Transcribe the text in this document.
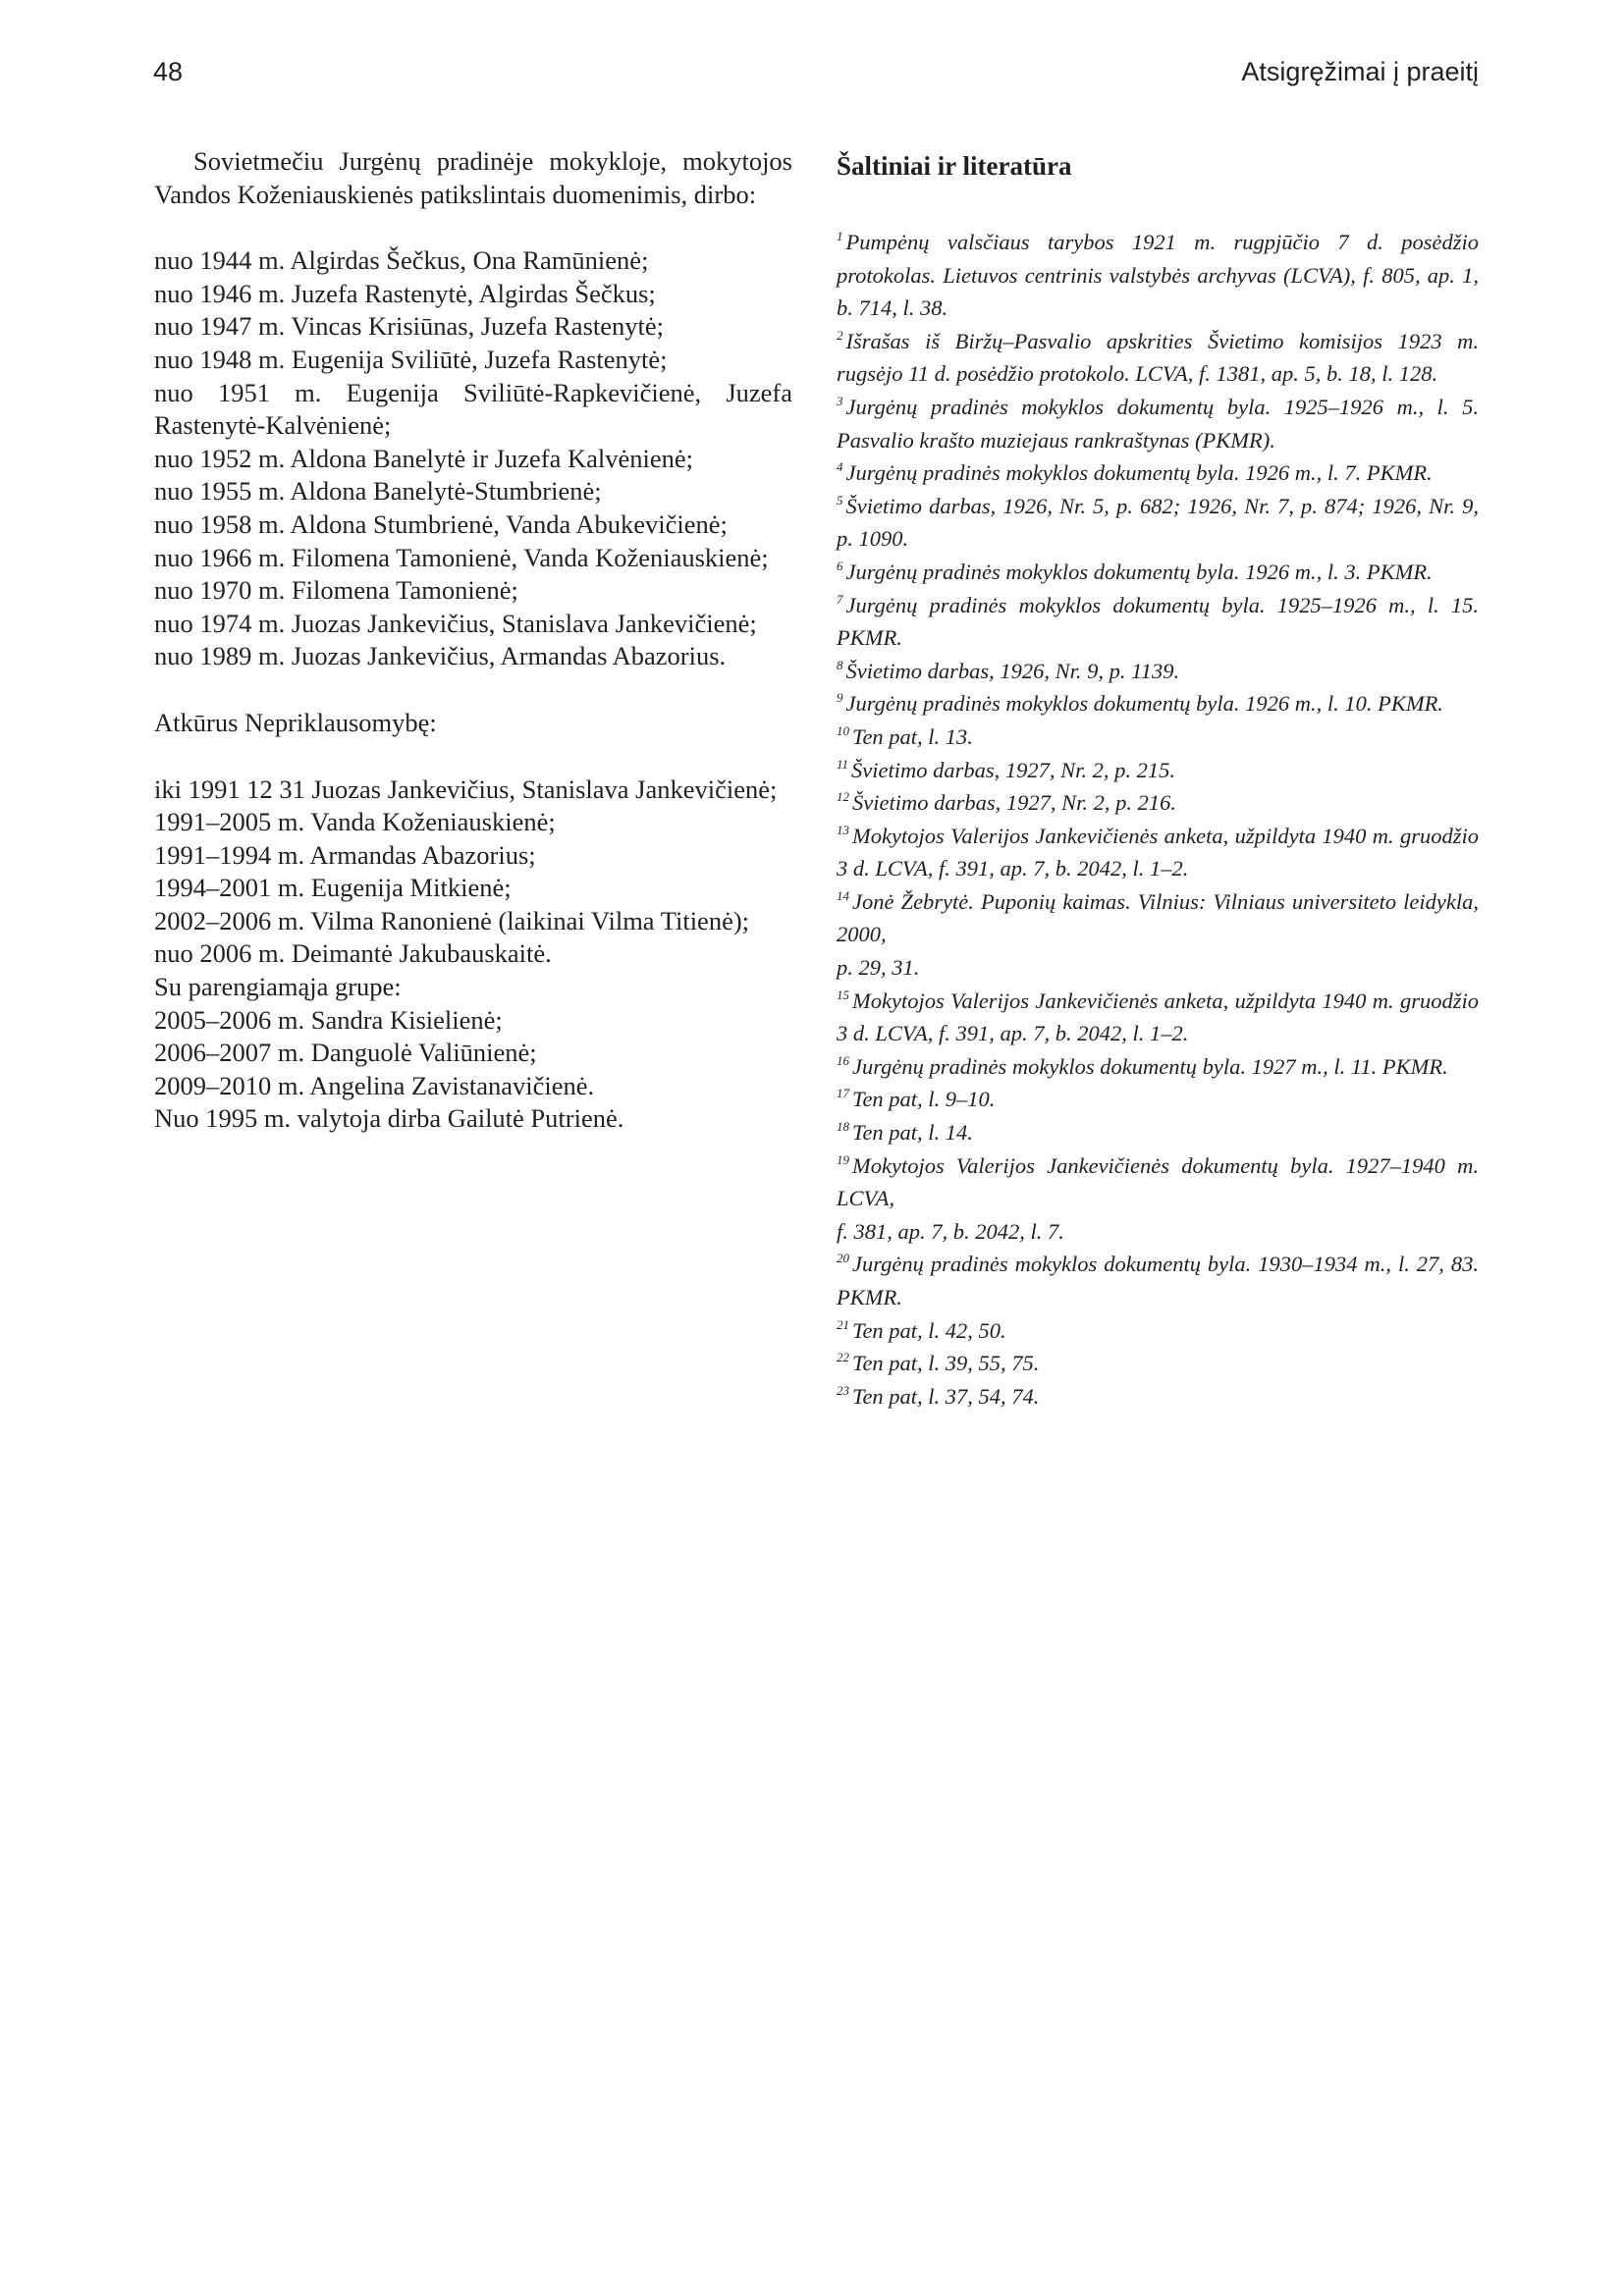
48	Atsigręžimai į praeitį

Sovietmečiu Jurgėnų pradinėje mokykloje, mokytojos Vandos Koženiauskienės patikslintais duomenimis, dirbo:

nuo 1944 m. Algirdas Šečkus, Ona Ramūnienė;

nuo 1946 m. Juzefa Rastenytė, Algirdas Šečkus;

nuo 1947 m. Vincas Krisiūnas, Juzefa Rastenytė;

nuo 1948 m. Eugenija Sviliūtė, Juzefa Rastenytė;

nuo 1951 m. Eugenija Sviliūtė-Rapkevičienė, Juzefa Rastenytė-Kalvėnienė;

nuo 1952 m. Aldona Banelytė ir Juzefa Kalvėnienė;

nuo 1955 m. Aldona Banelytė-Stumbrienė;

nuo 1958 m. Aldona Stumbrienė, Vanda Abukevičienė;

nuo 1966 m. Filomena Tamonienė, Vanda Koženiauskienė;

nuo 1970 m. Filomena Tamonienė;

nuo 1974 m. Juozas Jankevičius, Stanislava Jankevičienė;

nuo 1989 m. Juozas Jankevičius, Armandas Abazorius.

Atkūrus Nepriklausomybę:

iki 1991 12 31 Juozas Jankevičius, Stanislava Jankevičienė;

1991–2005 m. Vanda Koženiauskienė;

1991–1994 m. Armandas Abazorius;

1994–2001 m. Eugenija Mitkienė;

2002–2006 m. Vilma Ranonienė (laikinai Vilma Titienė);

nuo 2006 m. Deimantė Jakubauskaitė.

Su parengiamąja grupe:

2005–2006 m. Sandra Kisielienė;

2006–2007 m. Danguolė Valiūnienė;

2009–2010 m. Angelina Zavistanavičienė.

Nuo 1995 m. valytoja dirba Gailutė Putrienė.

Šaltiniai ir literatūra

$^1$ Pumpėnų valsčiaus tarybos 1921 m. rugpjūčio 7 d. posėdžio protokolas. Lietuvos centrinis valstybės archyvas (LCVA), f. 805, ap. 1, b. 714, l. 38.

$^2$ Išrašas iš Biržų–Pasvalio apskrities Švietimo komisijos 1923 m. rugsėjo 11 d. posėdžio protokolo. LCVA, f. 1381, ap. 5, b. 18, l. 128.

$^3$ Jurgėnų pradinės mokyklos dokumentų byla. 1925–1926 m., l. 5. Pasvalio krašto muziejaus rankraštynas (PKMR).

$^4$ Jurgėnų pradinės mokyklos dokumentų byla. 1926 m., l. 7. PKMR.

$^5$ Švietimo darbas, 1926, Nr. 5, p. 682; 1926, Nr. 7, p. 874; 1926, Nr. 9, p. 1090.

$^6$ Jurgėnų pradinės mokyklos dokumentų byla. 1926 m., l. 3. PKMR.

$^7$ Jurgėnų pradinės mokyklos dokumentų byla. 1925–1926 m., l. 15. PKMR.

$^8$ Švietimo darbas, 1926, Nr. 9, p. 1139.

$^9$ Jurgėnų pradinės mokyklos dokumentų byla. 1926 m., l. 10. PKMR.

$^{10}$ Ten pat, l. 13.

$^{11}$ Švietimo darbas, 1927, Nr. 2, p. 215.

$^{12}$ Švietimo darbas, 1927, Nr. 2, p. 216.

$^{13}$ Mokytojos Valerijos Jankevičienės anketa, užpildyta 1940 m. gruodžio 3 d. LCVA, f. 391, ap. 7, b. 2042, l. 1–2.

$^{14}$ Jonė Žebrytė. Puponių kaimas. Vilnius: Vilniaus universiteto leidykla, 2000,

p. 29, 31.

$^{15}$ Mokytojos Valerijos Jankevičienės anketa, užpildyta 1940 m. gruodžio 3 d. LCVA, f. 391, ap. 7, b. 2042, l. 1–2.

$^{16}$ Jurgėnų pradinės mokyklos dokumentų byla. 1927 m., l. 11. PKMR.

$^{17}$ Ten pat, l. 9–10.

$^{18}$ Ten pat, l. 14.

$^{19}$ Mokytojos Valerijos Jankevičienės dokumentų byla. 1927–1940 m. LCVA,

f. 381, ap. 7, b. 2042, l. 7.

$^{20}$ Jurgėnų pradinės mokyklos dokumentų byla. 1930–1934 m., l. 27, 83. PKMR.

$^{21}$ Ten pat, l. 42, 50.

$^{22}$ Ten pat, l. 39, 55, 75.

$^{23}$ Ten pat, l. 37, 54, 74.
